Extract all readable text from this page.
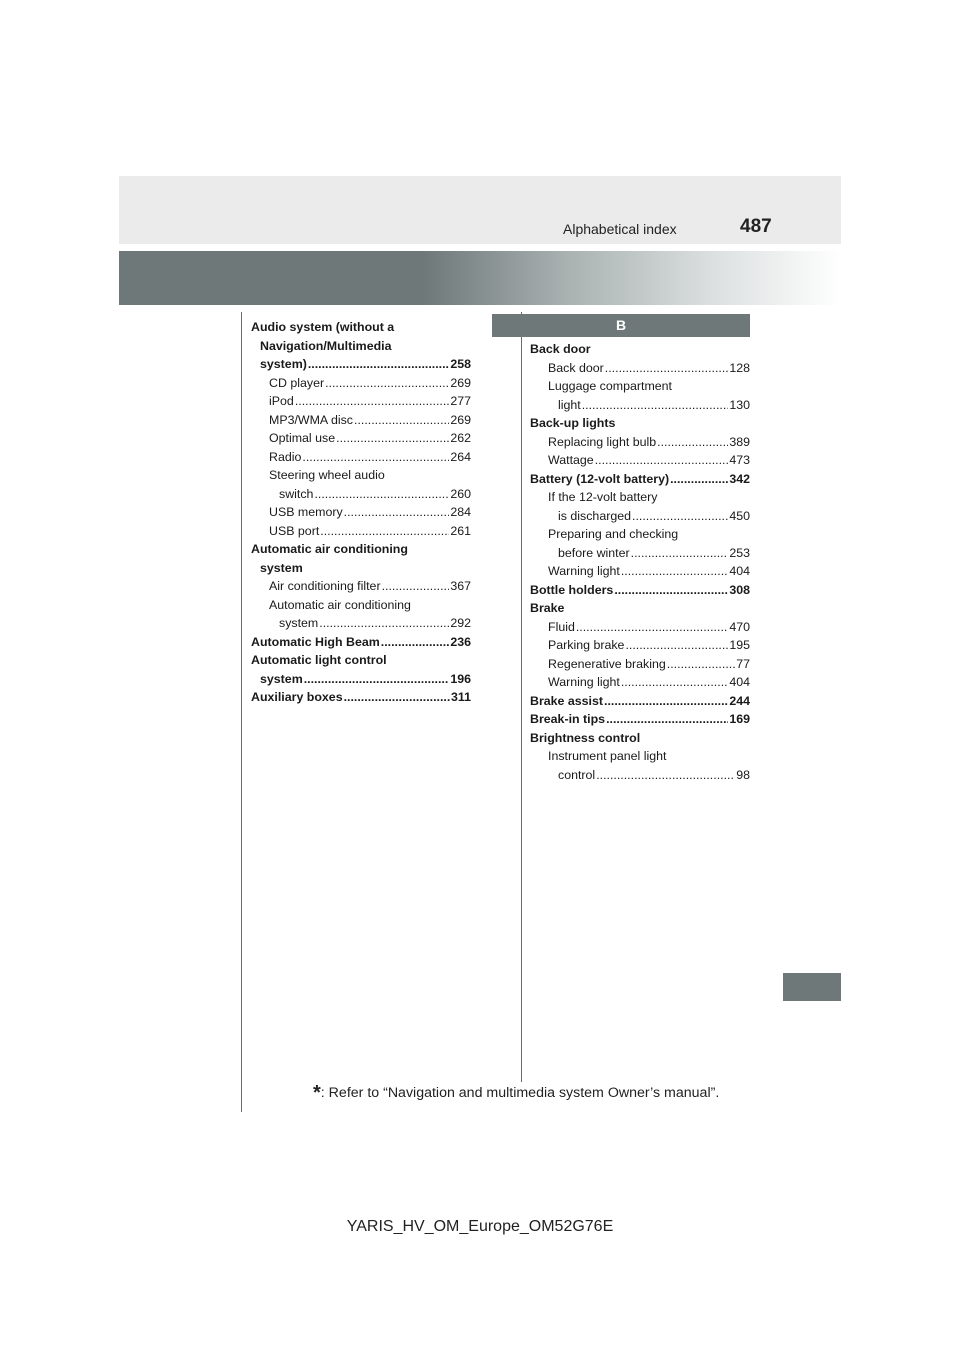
Alphabetical index	487
Audio system (without a
Navigation/Multimedia
system) .....	258
CD player .....	269
iPod .....	277
MP3/WMA disc .....	269
Optimal use .....	262
Radio .....	264
Steering wheel audio
switch .....	260
USB memory .....	284
USB port .....	261
Automatic air conditioning
system
Air conditioning filter .....	367
Automatic air conditioning
system .....	292
Automatic High Beam .....	236
Automatic light control
system .....	196
Auxiliary boxes .....	311
B
Back door
Back door .....	128
Luggage compartment
light .....	130
Back-up lights
Replacing light bulb .....	389
Wattage .....	473
Battery (12-volt battery) .....	342
If the 12-volt battery
is discharged .....	450
Preparing and checking
before winter .....	253
Warning light .....	404
Bottle holders .....	308
Brake
Fluid .....	470
Parking brake .....	195
Regenerative braking .....	77
Warning light .....	404
Brake assist .....	244
Break-in tips .....	169
Brightness control
Instrument panel light
control .....	98
*: Refer to “Navigation and multimedia system Owner’s manual”.
YARIS_HV_OM_Europe_OM52G76E
